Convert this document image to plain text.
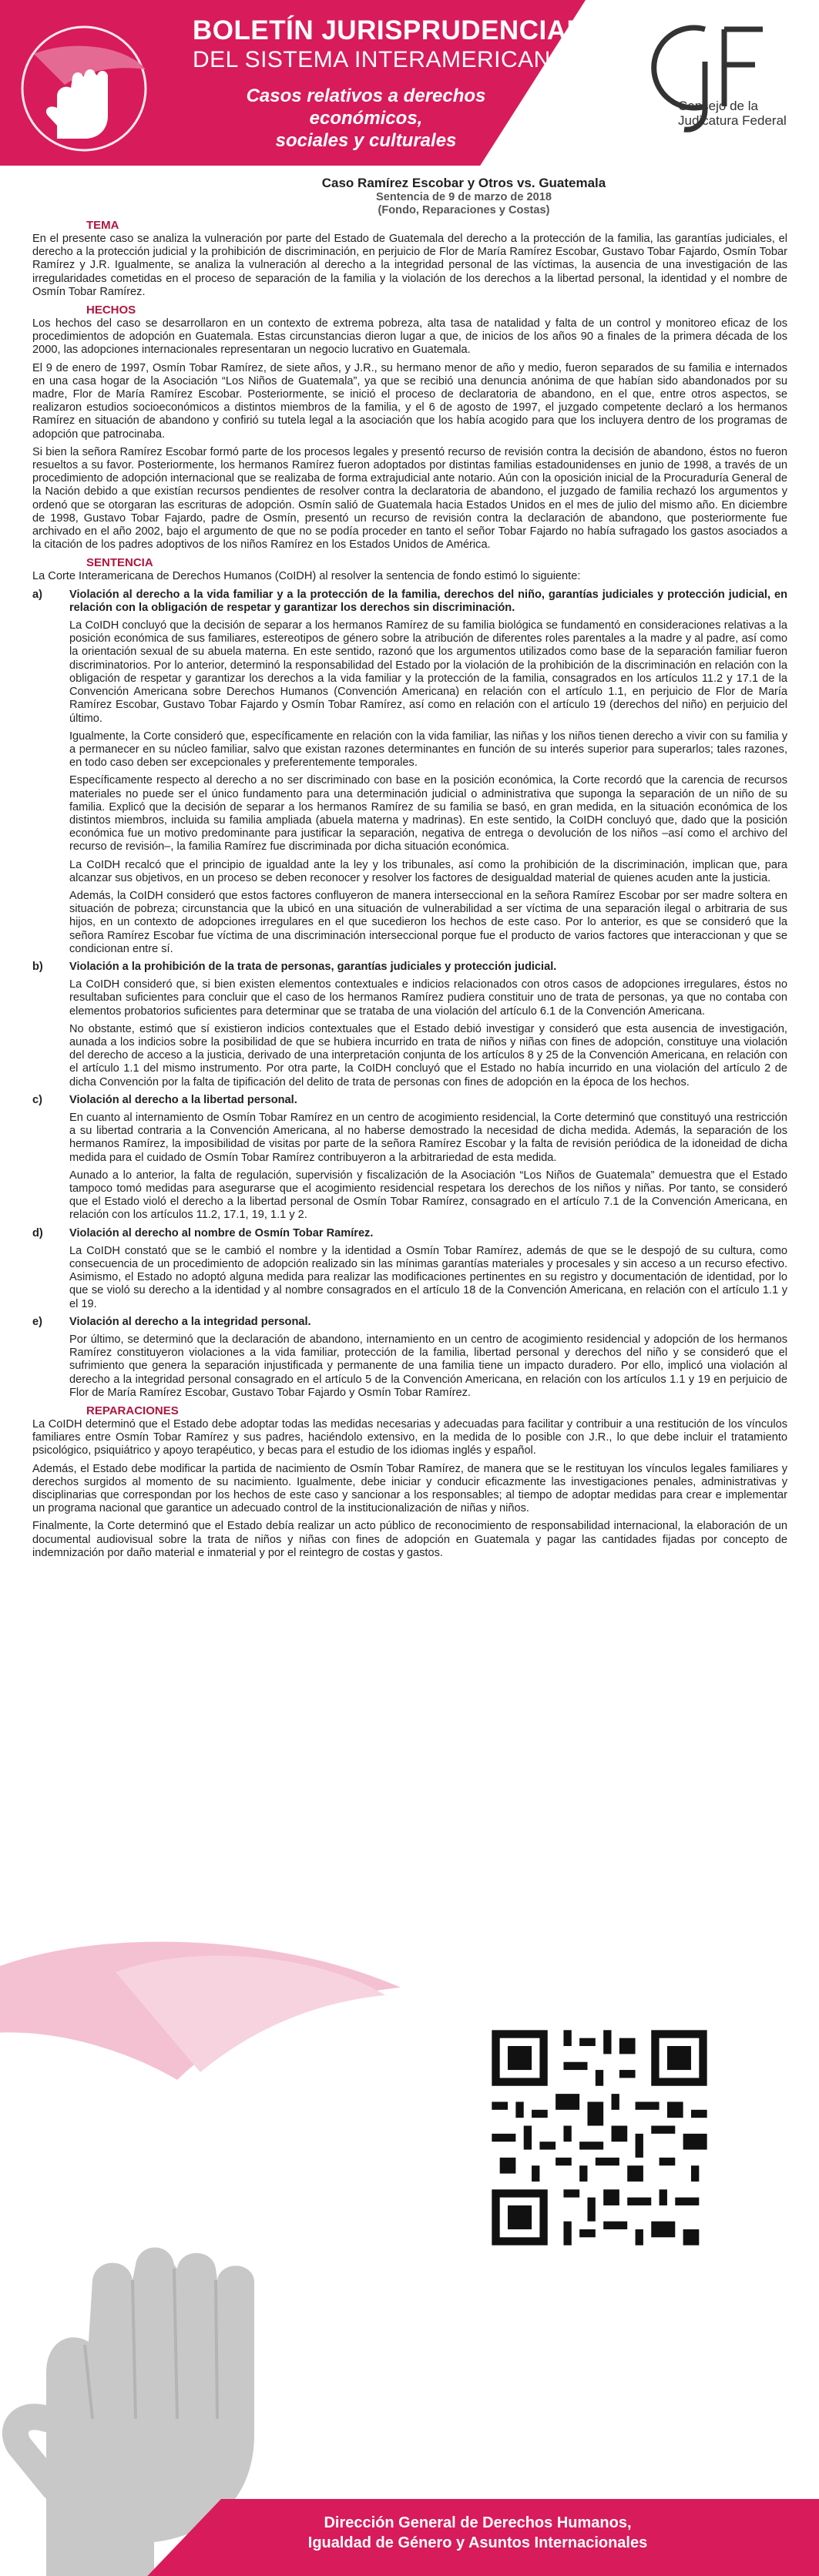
BOLETÍN JURISPRUDENCIAL
DEL SISTEMA INTERAMERICANO
Casos relativos a derechos económicos,
sociales y culturales
Consejo de la
Judicatura Federal
Caso Ramírez Escobar y Otros vs. Guatemala
Sentencia de 9 de marzo de 2018
(Fondo, Reparaciones y Costas)
TEMA

En el presente caso se analiza la vulneración por parte del Estado de Guatemala del derecho a la protección de la familia, las garantías judiciales, el derecho a la protección judicial y la prohibición de discriminación, en perjuicio de Flor de María Ramírez Escobar, Gustavo Tobar Fajardo, Osmín Tobar Ramírez y J.R. Igualmente, se analiza la vulneración al derecho a la integridad personal de las víctimas, la ausencia de una investigación de las irregularidades cometidas en el proceso de separación de la familia y la violación de los derechos a la libertad personal, la identidad y el nombre de Osmín Tobar Ramírez.

HECHOS

Los hechos del caso se desarrollaron en un contexto de extrema pobreza, alta tasa de natalidad y falta de un control y monitoreo eficaz de los procedimientos de adopción en Guatemala. Estas circunstancias dieron lugar a que, de inicios de los años 90 a finales de la primera década de los 2000, las adopciones internacionales representaran un negocio lucrativo en Guatemala.

El 9 de enero de 1997, Osmín Tobar Ramírez, de siete años, y J.R., su hermano menor de año y medio, fueron separados de su familia e internados en una casa hogar de la Asociación “Los Niños de Guatemala”, ya que se recibió una denuncia anónima de que habían sido abandonados por su madre, Flor de María Ramírez Escobar. Posteriormente, se inició el proceso de declaratoria de abandono, en el que, entre otros aspectos, se realizaron estudios socioeconómicos a distintos miembros de la familia, y el 6 de agosto de 1997, el juzgado competente declaró a los hermanos Ramírez en situación de abandono y confirió su tutela legal a la asociación que los había acogido para que los incluyera dentro de los programas de adopción que patrocinaba.

Si bien la señora Ramírez Escobar formó parte de los procesos legales y presentó recurso de revisión contra la decisión de abandono, éstos no fueron resueltos a su favor. Posteriormente, los hermanos Ramírez fueron adoptados por distintas familias estadounidenses en junio de 1998, a través de un procedimiento de adopción internacional que se realizaba de forma extrajudicial ante notario. Aún con la oposición inicial de la Procuraduría General de la Nación debido a que existían recursos pendientes de resolver contra la declaratoria de abandono, el juzgado de familia rechazó los argumentos y ordenó que se otorgaran las escrituras de adopción. Osmín salió de Guatemala hacia Estados Unidos en el mes de julio del mismo año. En diciembre de 1998, Gustavo Tobar Fajardo, padre de Osmín, presentó un recurso de revisión contra la declaración de abandono, que posteriormente fue archivado en el año 2002, bajo el argumento de que no se podía proceder en tanto el señor Tobar Fajardo no había sufragado los gastos asociados a la citación de los padres adoptivos de los niños Ramírez en los Estados Unidos de América.

SENTENCIA

La Corte Interamericana de Derechos Humanos (CoIDH) al resolver la sentencia de fondo estimó lo siguiente:

a)	Violación al derecho a la vida familiar y a la protección de la familia, derechos del niño, garantías judiciales y protección judicial, en relación con la obligación de respetar y garantizar los derechos sin discriminación.

La CoIDH concluyó que la decisión de separar a los hermanos Ramírez de su familia biológica se fundamentó en consideraciones relativas a la posición económica de sus familiares, estereotipos de género sobre la atribución de diferentes roles parentales a la madre y al padre, así como la orientación sexual de su abuela materna. En este sentido, razonó que los argumentos utilizados como base de la separación familiar fueron discriminatorios. Por lo anterior, determinó la responsabilidad del Estado por la violación de la prohibición de la discriminación en relación con la obligación de respetar y garantizar los derechos a la vida familiar y la protección de la familia, consagrados en los artículos 11.2 y 17.1 de la Convención Americana sobre Derechos Humanos (Convención Americana) en relación con el artículo 1.1, en perjuicio de Flor de María Ramírez Escobar, Gustavo Tobar Fajardo y Osmín Tobar Ramírez, así como en relación con el artículo 19 (derechos del niño) en perjuicio del último.

Igualmente, la Corte consideró que, específicamente en relación con la vida familiar, las niñas y los niños tienen derecho a vivir con su familia y a permanecer en su núcleo familiar, salvo que existan razones determinantes en función de su interés superior para superarlos; tales razones, en todo caso deben ser excepcionales y preferentemente temporales.

Específicamente respecto al derecho a no ser discriminado con base en la posición económica, la Corte recordó que la carencia de recursos materiales no puede ser el único fundamento para una determinación judicial o administrativa que suponga la separación de un niño de su familia. Explicó que la decisión de separar a los hermanos Ramírez de su familia se basó, en gran medida, en la situación económica de los distintos miembros, incluida su familia ampliada (abuela materna y madrinas). En este sentido, la CoIDH concluyó que, dado que la posición económica fue un motivo predominante para justificar la separación, negativa de entrega o devolución de los niños –así como el archivo del recurso de revisión–, la familia Ramírez fue discriminada por dicha situación económica.

La CoIDH recalcó que el principio de igualdad ante la ley y los tribunales, así como la prohibición de la discriminación, implican que, para alcanzar sus objetivos, en un proceso se deben reconocer y resolver los factores de desigualdad material de quienes acuden ante la justicia.

Además, la CoIDH consideró que estos factores confluyeron de manera interseccional en la señora Ramírez Escobar por ser madre soltera en situación de pobreza; circunstancia que la ubicó en una situación de vulnerabilidad a ser víctima de una separación ilegal o arbitraria de sus hijos, en un contexto de adopciones irregulares en el que sucedieron los hechos de este caso. Por lo anterior, es que se consideró que la señora Ramírez Escobar fue víctima de una discriminación interseccional porque fue el producto de varios factores que interaccionan y que se condicionan entre sí.

b)	Violación a la prohibición de la trata de personas, garantías judiciales y protección judicial.

La CoIDH consideró que, si bien existen elementos contextuales e indicios relacionados con otros casos de adopciones irregulares, éstos no resultaban suficientes para concluir que el caso de los hermanos Ramírez pudiera constituir uno de trata de personas, ya que no contaba con elementos probatorios suficientes para determinar que se trataba de una violación del artículo 6.1 de la Convención Americana.

No obstante, estimó que sí existieron indicios contextuales que el Estado debió investigar y consideró que esta ausencia de investigación, aunada a los indicios sobre la posibilidad de que se hubiera incurrido en trata de niños y niñas con fines de adopción, constituye una violación del derecho de acceso a la justicia, derivado de una interpretación conjunta de los artículos 8 y 25 de la Convención Americana, en relación con el artículo 1.1 del mismo instrumento. Por otra parte, la CoIDH concluyó que el Estado no había incurrido en una violación del artículo 2 de dicha Convención por la falta de tipificación del delito de trata de personas con fines de adopción en la época de los hechos.

c)	Violación al derecho a la libertad personal.

En cuanto al internamiento de Osmín Tobar Ramírez en un centro de acogimiento residencial, la Corte determinó que constituyó una restricción a su libertad contraria a la Convención Americana, al no haberse demostrado la necesidad de dicha medida. Además, la separación de los hermanos Ramírez, la imposibilidad de visitas por parte de la señora Ramírez Escobar y la falta de revisión periódica de la idoneidad de dicha medida para el cuidado de Osmín Tobar Ramírez contribuyeron a la arbitrariedad de esta medida.

Aunado a lo anterior, la falta de regulación, supervisión y fiscalización de la Asociación “Los Niños de Guatemala” demuestra que el Estado tampoco tomó medidas para asegurarse que el acogimiento residencial respetara los derechos de los niños y niñas. Por tanto, se consideró que el Estado violó el derecho a la libertad personal de Osmín Tobar Ramírez, consagrado en el artículo 7.1 de la Convención Americana, en relación con los artículos 11.2, 17.1, 19, 1.1 y 2.

d)	Violación al derecho al nombre de Osmín Tobar Ramírez.

La CoIDH constató que se le cambió el nombre y la identidad a Osmín Tobar Ramírez, además de que se le despojó de su cultura, como consecuencia de un procedimiento de adopción realizado sin las mínimas garantías materiales y procesales y sin acceso a un recurso efectivo. Asimismo, el Estado no adoptó alguna medida para realizar las modificaciones pertinentes en su registro y documentación de identidad, por lo que se violó su derecho a la identidad y al nombre consagrados en el artículo 18 de la Convención Americana, en relación con el artículo 1.1 y el 19.

e)	Violación al derecho a la integridad personal.

Por último, se determinó que la declaración de abandono, internamiento en un centro de acogimiento residencial y adopción de los hermanos Ramírez constituyeron violaciones a la vida familiar, protección de la familia, libertad personal y derechos del niño y se consideró que el sufrimiento que genera la separación injustificada y permanente de una familia tiene un impacto duradero. Por ello, implicó una violación al derecho a la integridad personal consagrado en el artículo 5 de la Convención Americana, en relación con los artículos 1.1 y 19 en perjuicio de Flor de María Ramírez Escobar, Gustavo Tobar Fajardo y Osmín Tobar Ramírez.

REPARACIONES

La CoIDH determinó que el Estado debe adoptar todas las medidas necesarias y adecuadas para facilitar y contribuir a una restitución de los vínculos familiares entre Osmín Tobar Ramírez y sus padres, haciéndolo extensivo, en la medida de lo posible con J.R., lo que debe incluir el tratamiento psicológico, psiquiátrico y apoyo terapéutico, y becas para el estudio de los idiomas inglés y español.

Además, el Estado debe modificar la partida de nacimiento de Osmín Tobar Ramírez, de manera que se le restituyan los vínculos legales familiares y derechos surgidos al momento de su nacimiento. Igualmente, debe iniciar y conducir eficazmente las investigaciones penales, administrativas y disciplinarias que correspondan por los hechos de este caso y sancionar a los responsables; al tiempo de adoptar medidas para crear e implementar un programa nacional que garantice un adecuado control de la institucionalización de niñas y niños.

Finalmente, la Corte determinó que el Estado debía realizar un acto público de reconocimiento de responsabilidad internacional, la elaboración de un documental audiovisual sobre la trata de niños y niñas con fines de adopción en Guatemala y pagar las cantidades fijadas por concepto de indemnización por daño material e inmaterial y por el reintegro de costas y gastos.

Dirección General de Derechos Humanos,
Igualdad de Género y Asuntos Internacionales
